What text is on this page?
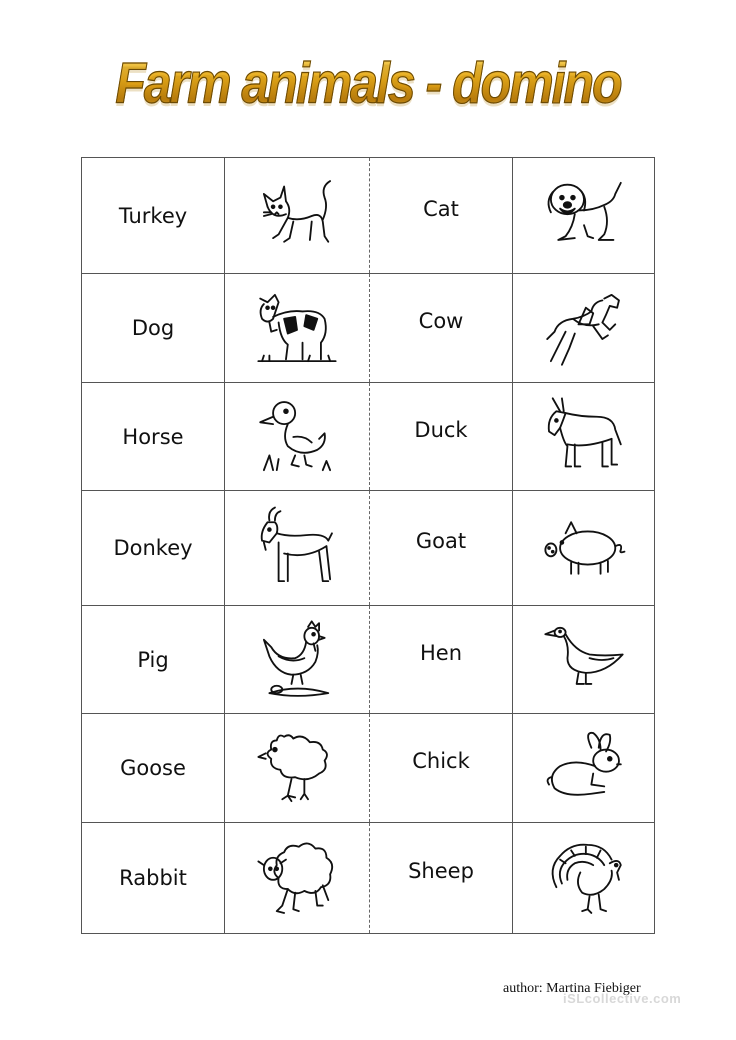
Farm animals - domino
Turkey	Cat
Dog	Cow
Horse	Duck
Donkey	Goat
Pig	Hen
Goose	Chick
Rabbit	Sheep
author: Martina Fiebiger
iSLcollective.com
